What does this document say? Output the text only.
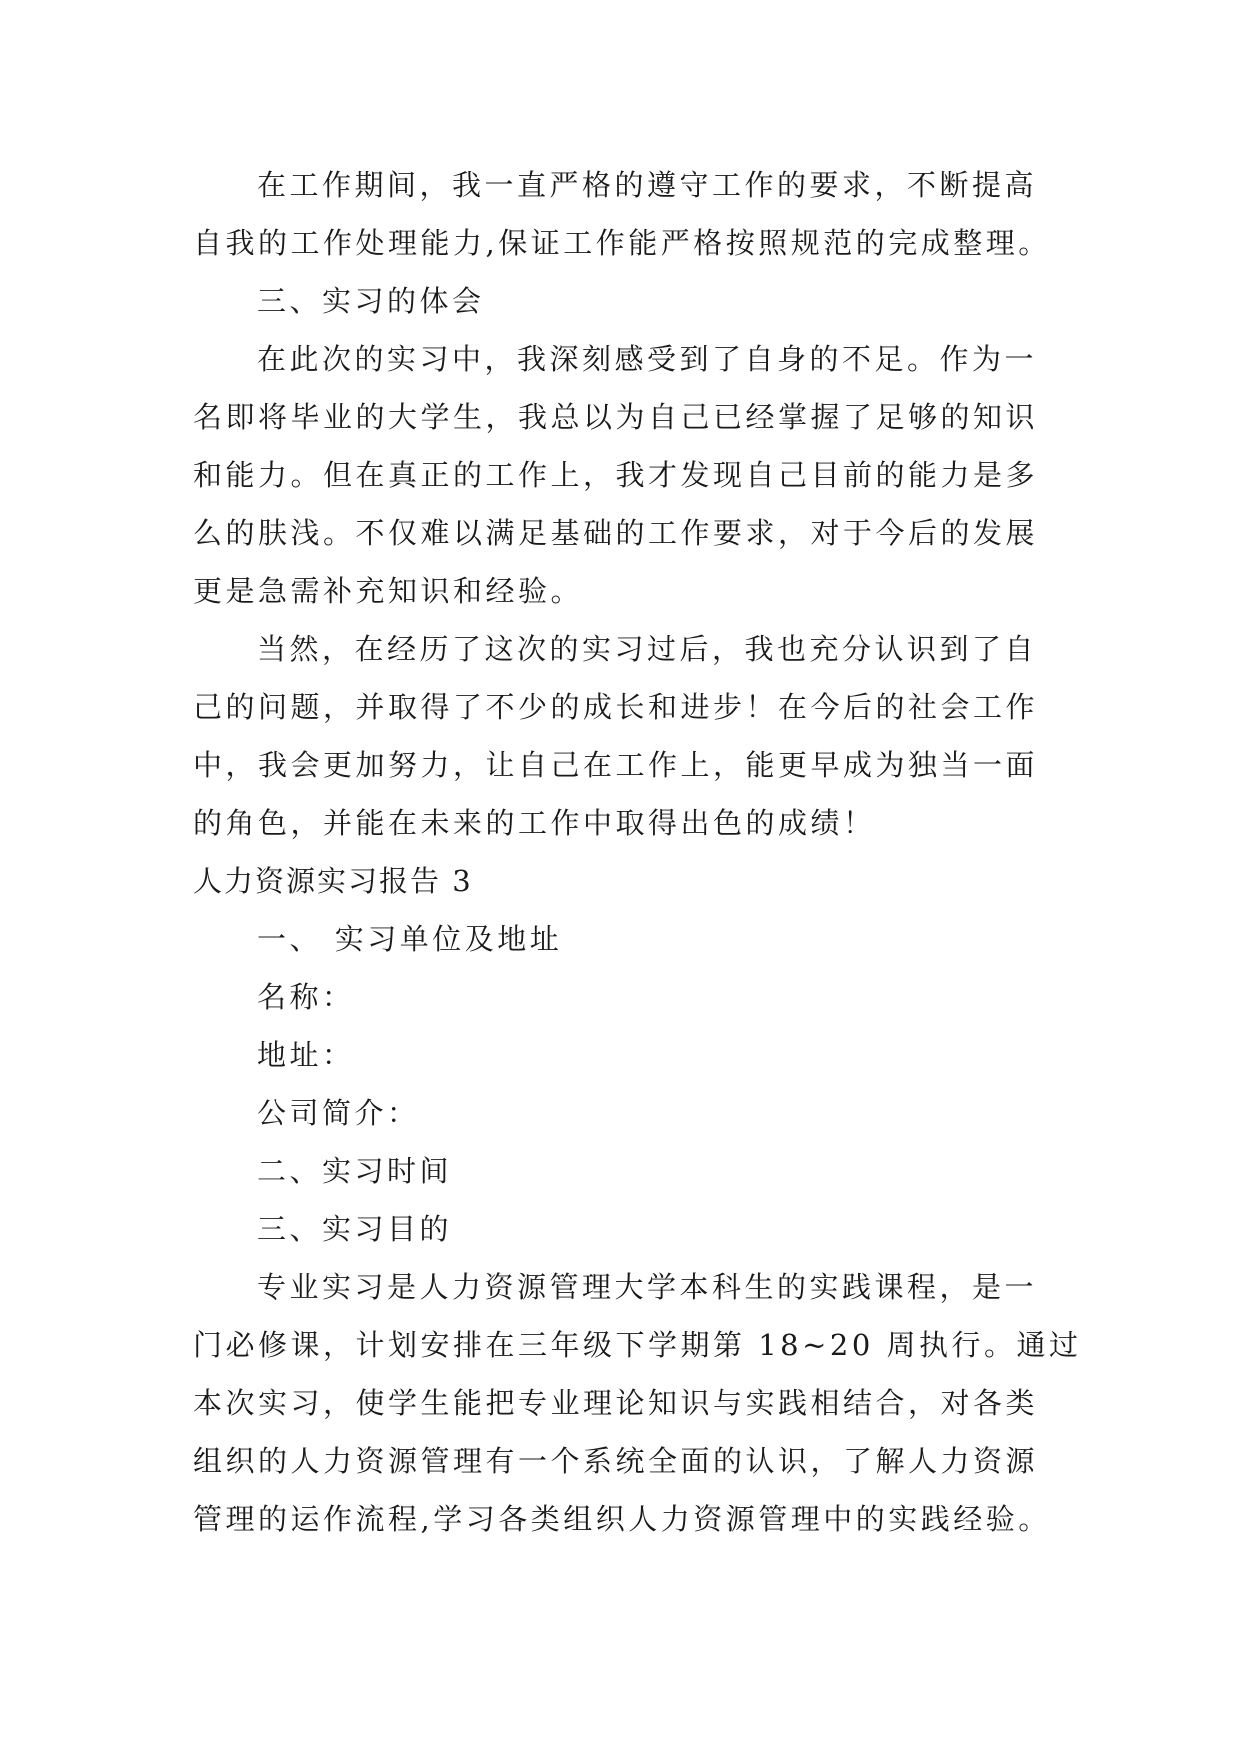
在工作期间，我一直严格的遵守工作的要求，不断提高
自我的工作处理能力,保证工作能严格按照规范的完成整理。
三、实习的体会
在此次的实习中，我深刻感受到了自身的不足。作为一
名即将毕业的大学生，我总以为自己已经掌握了足够的知识
和能力。但在真正的工作上，我才发现自己目前的能力是多
么的肤浅。不仅难以满足基础的工作要求，对于今后的发展
更是急需补充知识和经验。
当然，在经历了这次的实习过后，我也充分认识到了自
己的问题，并取得了不少的成长和进步！在今后的社会工作
中，我会更加努力，让自己在工作上，能更早成为独当一面
的角色，并能在未来的工作中取得出色的成绩！
人力资源实习报告 3
一、 实习单位及地址
名称：
地址：
公司简介：
二、实习时间
三、实习目的
专业实习是人力资源管理大学本科生的实践课程，是一
门必修课，计划安排在三年级下学期第 18~20 周执行。通过
本次实习，使学生能把专业理论知识与实践相结合，对各类
组织的人力资源管理有一个系统全面的认识，了解人力资源
管理的运作流程,学习各类组织人力资源管理中的实践经验。
